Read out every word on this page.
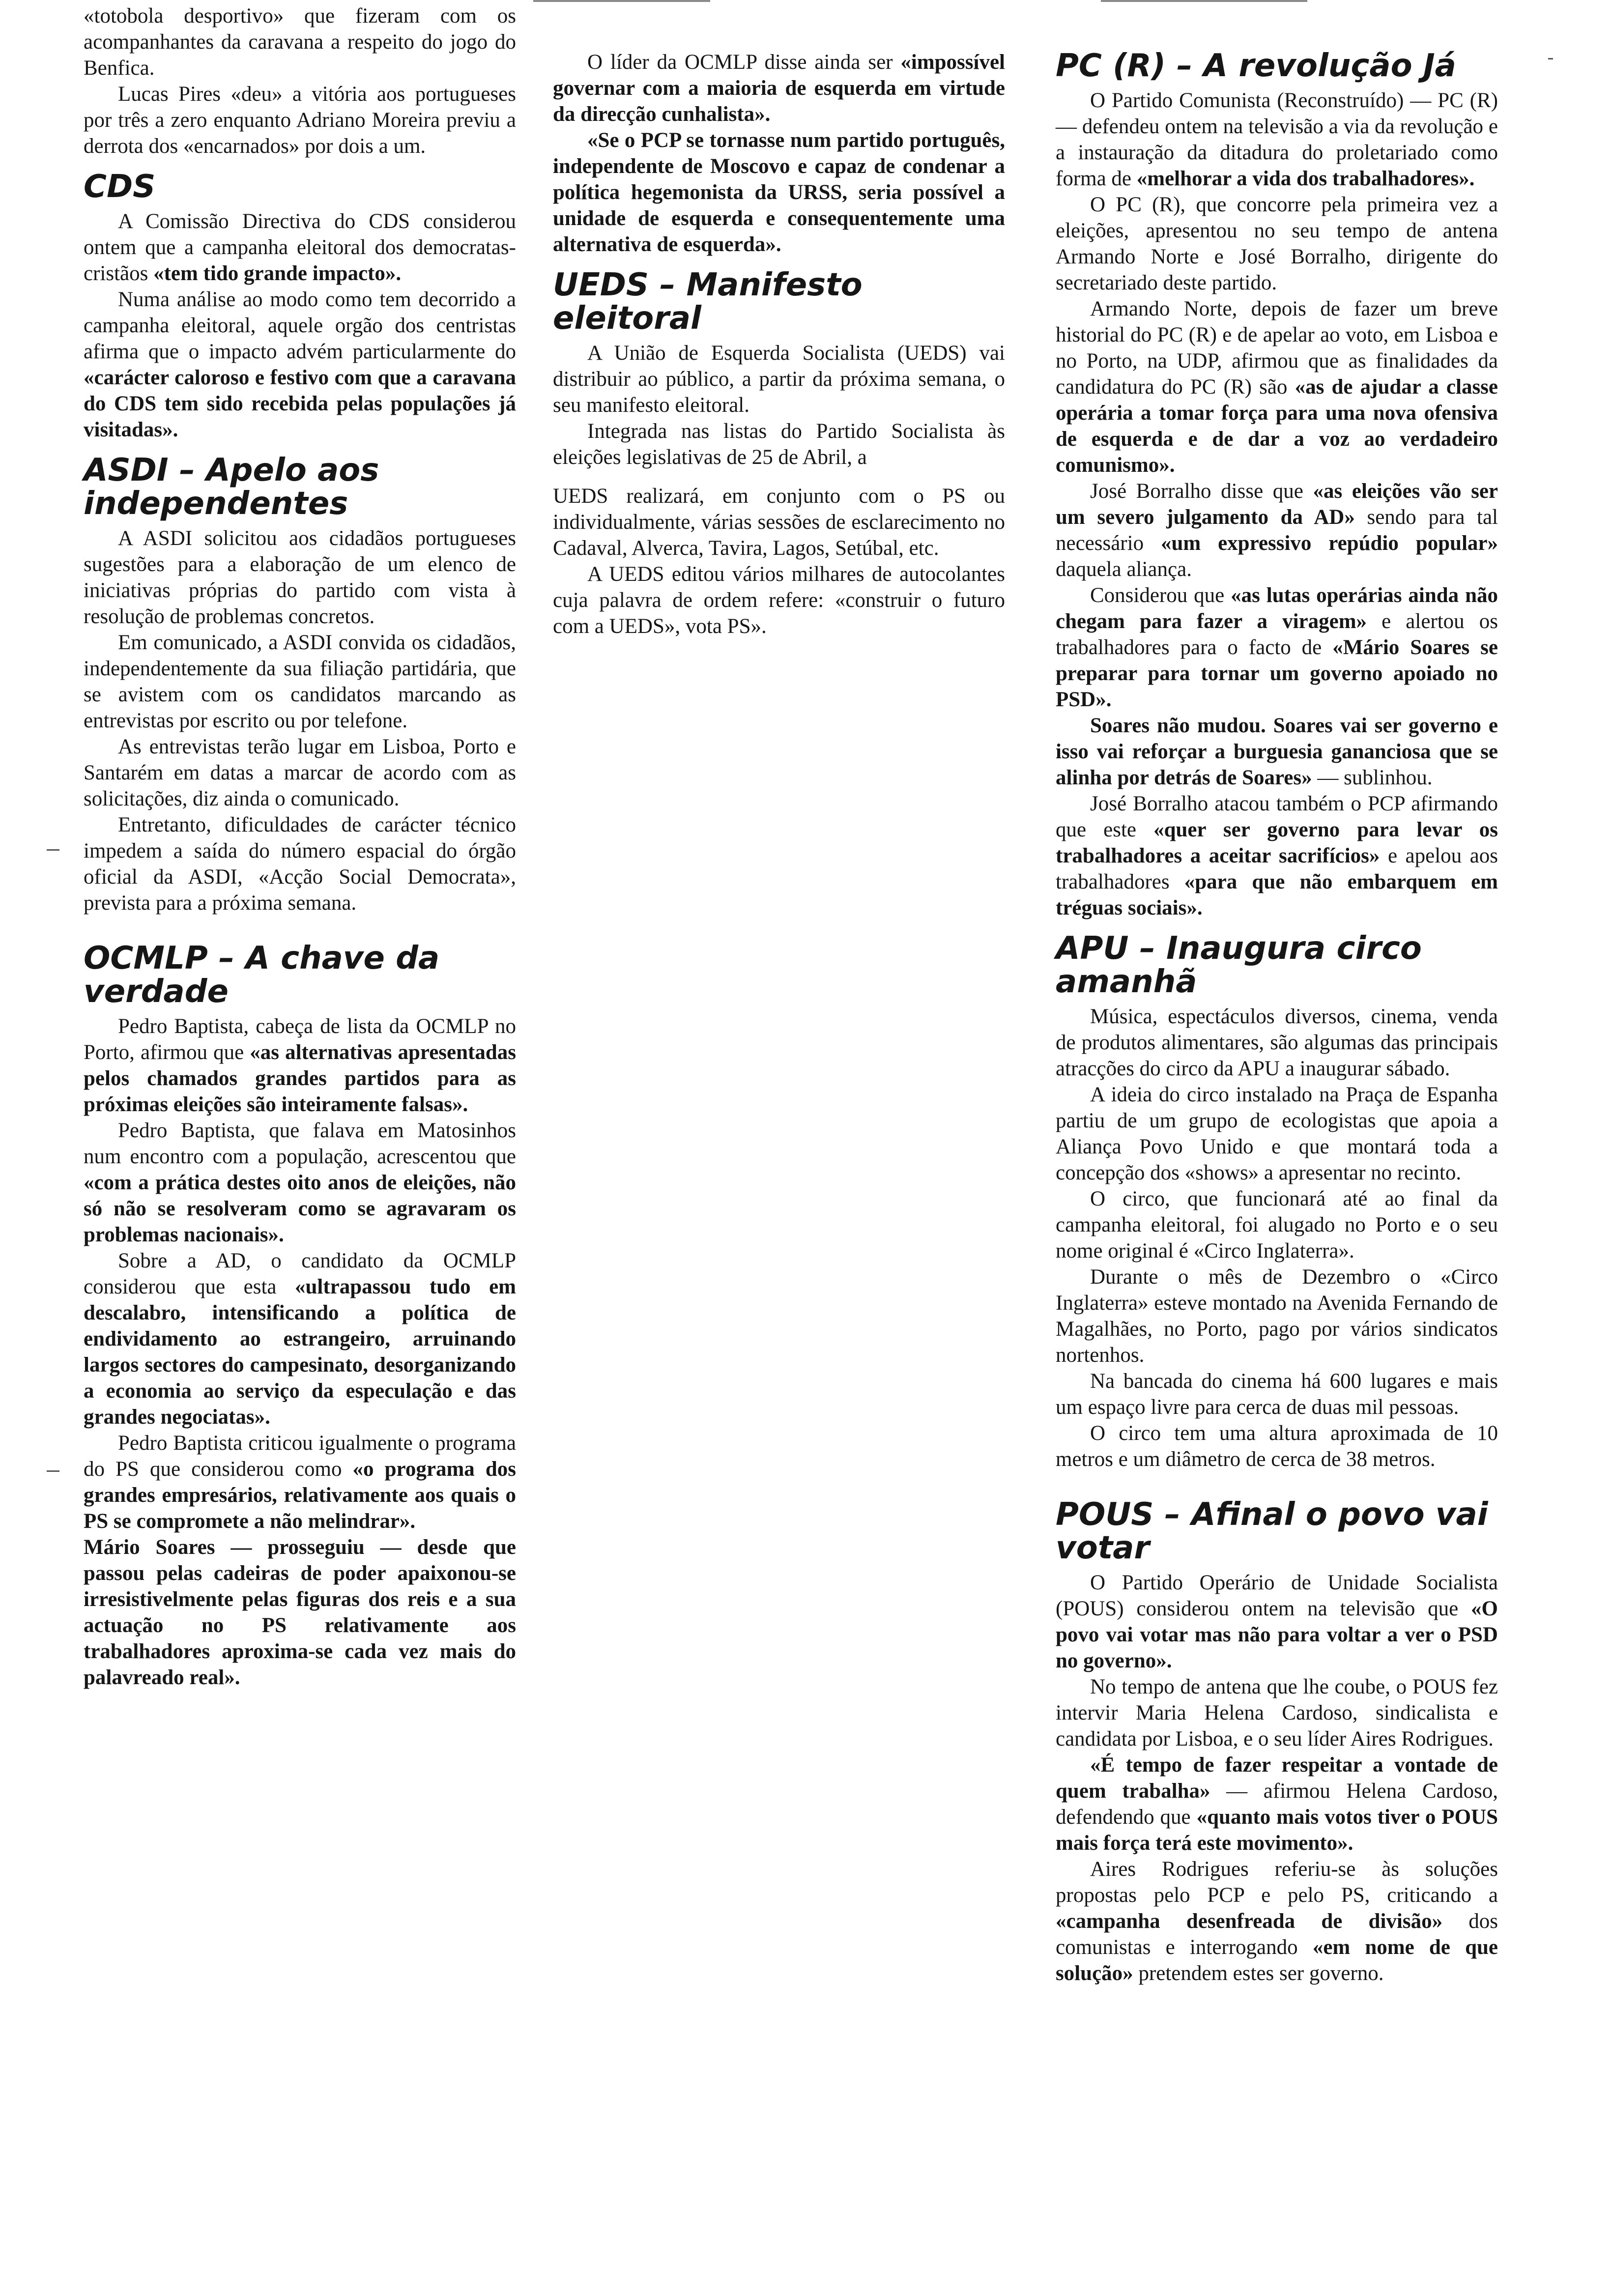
«totobola desportivo» que fizeram com os acompanhantes da caravana a respeito do jogo do Benfica.

Lucas Pires «deu» a vitória aos portugueses por três a zero enquanto Adriano Moreira previu a derrota dos «encarnados» por dois a um.

CDS

A Comissão Directiva do CDS considerou ontem que a campanha eleitoral dos democratas-cristãos «tem tido grande impacto».

Numa análise ao modo como tem decorrido a campanha eleitoral, aquele orgão dos centristas afirma que o impacto advém particularmente do «carácter caloroso e festivo com que a caravana do CDS tem sido recebida pelas populações já visitadas».

ASDI – Apelo aos independentes

A ASDI solicitou aos cidadãos portugueses sugestões para a elaboração de um elenco de iniciativas próprias do partido com vista à resolução de problemas concretos.

Em comunicado, a ASDI convida os cidadãos, independentemente da sua filiação partidária, que se avistem com os candidatos marcando as entrevistas por escrito ou por telefone.

As entrevistas terão lugar em Lisboa, Porto e Santarém em datas a marcar de acordo com as solicitações, diz ainda o comunicado.

Entretanto, dificuldades de carácter técnico impedem a saída do número espacial do órgão oficial da ASDI, «Acção Social Democrata», prevista para a próxima semana.

OCMLP – A chave da verdade

Pedro Baptista, cabeça de lista da OCMLP no Porto, afirmou que «as alternativas apresentadas pelos chamados grandes partidos para as próximas eleições são inteiramente falsas».

Pedro Baptista, que falava em Matosinhos num encontro com a população, acrescentou que «com a prática destes oito anos de eleições, não só não se resolveram como se agravaram os problemas nacionais».

Sobre a AD, o candidato da OCMLP considerou que esta «ultrapassou tudo em descalabro, intensificando a política de endividamento ao estrangeiro, arruinando largos sectores do campesinato, desorganizando a economia ao serviço da especulação e das grandes negociatas».

Pedro Baptista criticou igualmente o programa do PS que considerou como «o programa dos grandes empresários, relativamente aos quais o PS se compromete a não melindrar».

Mário Soares — prosseguiu — desde que passou pelas cadeiras de poder apaixonou-se irresistivelmente pelas figuras dos reis e a sua actuação no PS relativamente aos trabalhadores aproxima-se cada vez mais do palavreado real».

O líder da OCMLP disse ainda ser «impossível governar com a maioria de esquerda em virtude da direcção cunhalista».

«Se o PCP se tornasse num partido português, independente de Moscovo e capaz de condenar a política hegemonista da URSS, seria possível a unidade de esquerda e consequentemente uma alternativa de esquerda».

UEDS – Manifesto eleitoral

A União de Esquerda Socialista (UEDS) vai distribuir ao público, a partir da próxima semana, o seu manifesto eleitoral.

Integrada nas listas do Partido Socialista às eleições legislativas de 25 de Abril, a

UEDS realizará, em conjunto com o PS ou individualmente, várias sessões de esclarecimento no Cadaval, Alverca, Tavira, Lagos, Setúbal, etc.

A UEDS editou vários milhares de autocolantes cuja palavra de ordem refere: «construir o futuro com a UEDS», vota PS».

PC (R) – A revolução Já

O Partido Comunista (Reconstruído) — PC (R) — defendeu ontem na televisão a via da revolução e a instauração da ditadura do proletariado como forma de «melhorar a vida dos trabalhadores».

O PC (R), que concorre pela primeira vez a eleições, apresentou no seu tempo de antena Armando Norte e José Borralho, dirigente do secretariado deste partido.

Armando Norte, depois de fazer um breve historial do PC (R) e de apelar ao voto, em Lisboa e no Porto, na UDP, afirmou que as finalidades da candidatura do PC (R) são «as de ajudar a classe operária a tomar força para uma nova ofensiva de esquerda e de dar a voz ao verdadeiro comunismo».

José Borralho disse que «as eleições vão ser um severo julgamento da AD» sendo para tal necessário «um expressivo repúdio popular» daquela aliança.

Considerou que «as lutas operárias ainda não chegam para fazer a viragem» e alertou os trabalhadores para o facto de «Mário Soares se preparar para tornar um governo apoiado no PSD».

Soares não mudou. Soares vai ser governo e isso vai reforçar a burguesia gananciosa que se alinha por detrás de Soares» — sublinhou.

José Borralho atacou também o PCP afirmando que este «quer ser governo para levar os trabalhadores a aceitar sacrifícios» e apelou aos trabalhadores «para que não embarquem em tréguas sociais».

APU – Inaugura circo amanhã

Música, espectáculos diversos, cinema, venda de produtos alimentares, são algumas das principais atracções do circo da APU a inaugurar sábado.

A ideia do circo instalado na Praça de Espanha partiu de um grupo de ecologistas que apoia a Aliança Povo Unido e que montará toda a concepção dos «shows» a apresentar no recinto.

O circo, que funcionará até ao final da campanha eleitoral, foi alugado no Porto e o seu nome original é «Circo Inglaterra».

Durante o mês de Dezembro o «Circo Inglaterra» esteve montado na Avenida Fernando de Magalhães, no Porto, pago por vários sindicatos nortenhos.

Na bancada do cinema há 600 lugares e mais um espaço livre para cerca de duas mil pessoas.

O circo tem uma altura aproximada de 10 metros e um diâmetro de cerca de 38 metros.

POUS – Afinal o povo vai votar

O Partido Operário de Unidade Socialista (POUS) considerou ontem na televisão que «O povo vai votar mas não para voltar a ver o PSD no governo».

No tempo de antena que lhe coube, o POUS fez intervir Maria Helena Cardoso, sindicalista e candidata por Lisboa, e o seu líder Aires Rodrigues.

«É tempo de fazer respeitar a vontade de quem trabalha» — afirmou Helena Cardoso, defendendo que «quanto mais votos tiver o POUS mais força terá este movimento».

Aires Rodrigues referiu-se às soluções propostas pelo PCP e pelo PS, criticando a «campanha desenfreada de divisão» dos comunistas e interrogando «em nome de que solução» pretendem estes ser governo.
